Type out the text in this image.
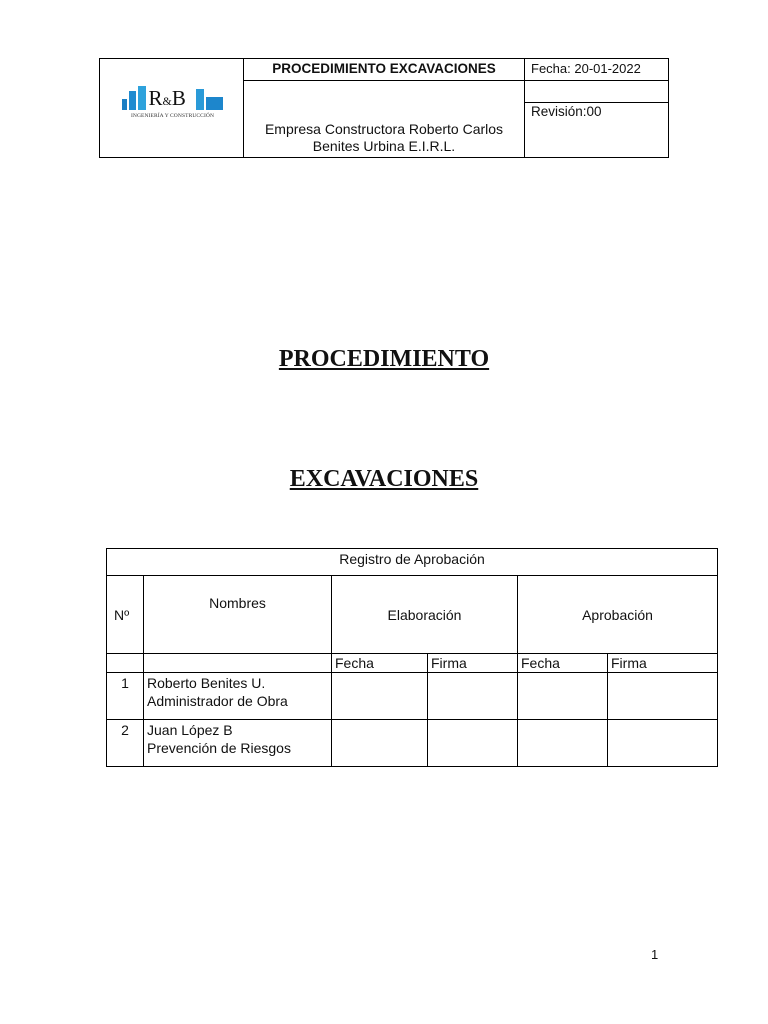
R&B
INGENIERÍA Y CONSTRUCCIÓN	PROCEDIMIENTO EXCAVACIONES	Fecha: 20-01-2022
	Empresa Constructora Roberto Carlos Benites Urbina E.I.R.L.	
		Revisión:00
PROCEDIMIENTO
EXCAVACIONES
Registro de Aprobación					
Nº	Nombres	Elaboración		Aprobación	
		Fecha	Firma	Fecha	Firma
1	Roberto Benites U.
Administrador de Obra				

2	Juan López B
Prevención de Riesgos				

1
